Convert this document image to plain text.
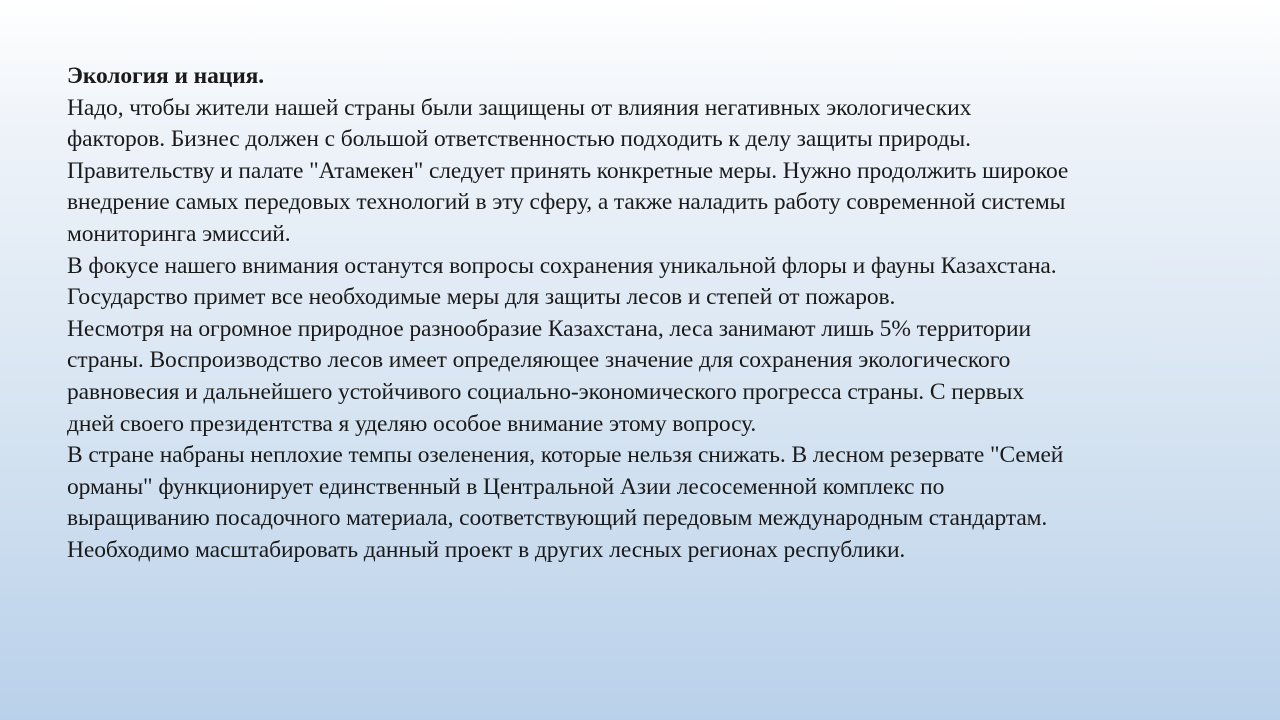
Экология и нация.
Надо, чтобы жители нашей страны были защищены от влияния негативных экологических
факторов. Бизнес должен с большой ответственностью подходить к делу защиты природы.
Правительству и палате "Атамекен" следует принять конкретные меры. Нужно продолжить широкое
внедрение самых передовых технологий в эту сферу, а также наладить работу современной системы
мониторинга эмиссий.
В фокусе нашего внимания останутся вопросы сохранения уникальной флоры и фауны Казахстана.
Государство примет все необходимые меры для защиты лесов и степей от пожаров.
Несмотря на огромное природное разнообразие Казахстана, леса занимают лишь 5% территории
страны. Воспроизводство лесов имеет определяющее значение для сохранения экологического
равновесия и дальнейшего устойчивого социально-экономического прогресса страны. С первых
дней своего президентства я уделяю особое внимание этому вопросу.
В стране набраны неплохие темпы озеленения, которые нельзя снижать. В лесном резервате "Семей
орманы" функционирует единственный в Центральной Азии лесосеменной комплекс по
выращиванию посадочного материала, соответствующий передовым международным стандартам.
Необходимо масштабировать данный проект в других лесных регионах республики.
